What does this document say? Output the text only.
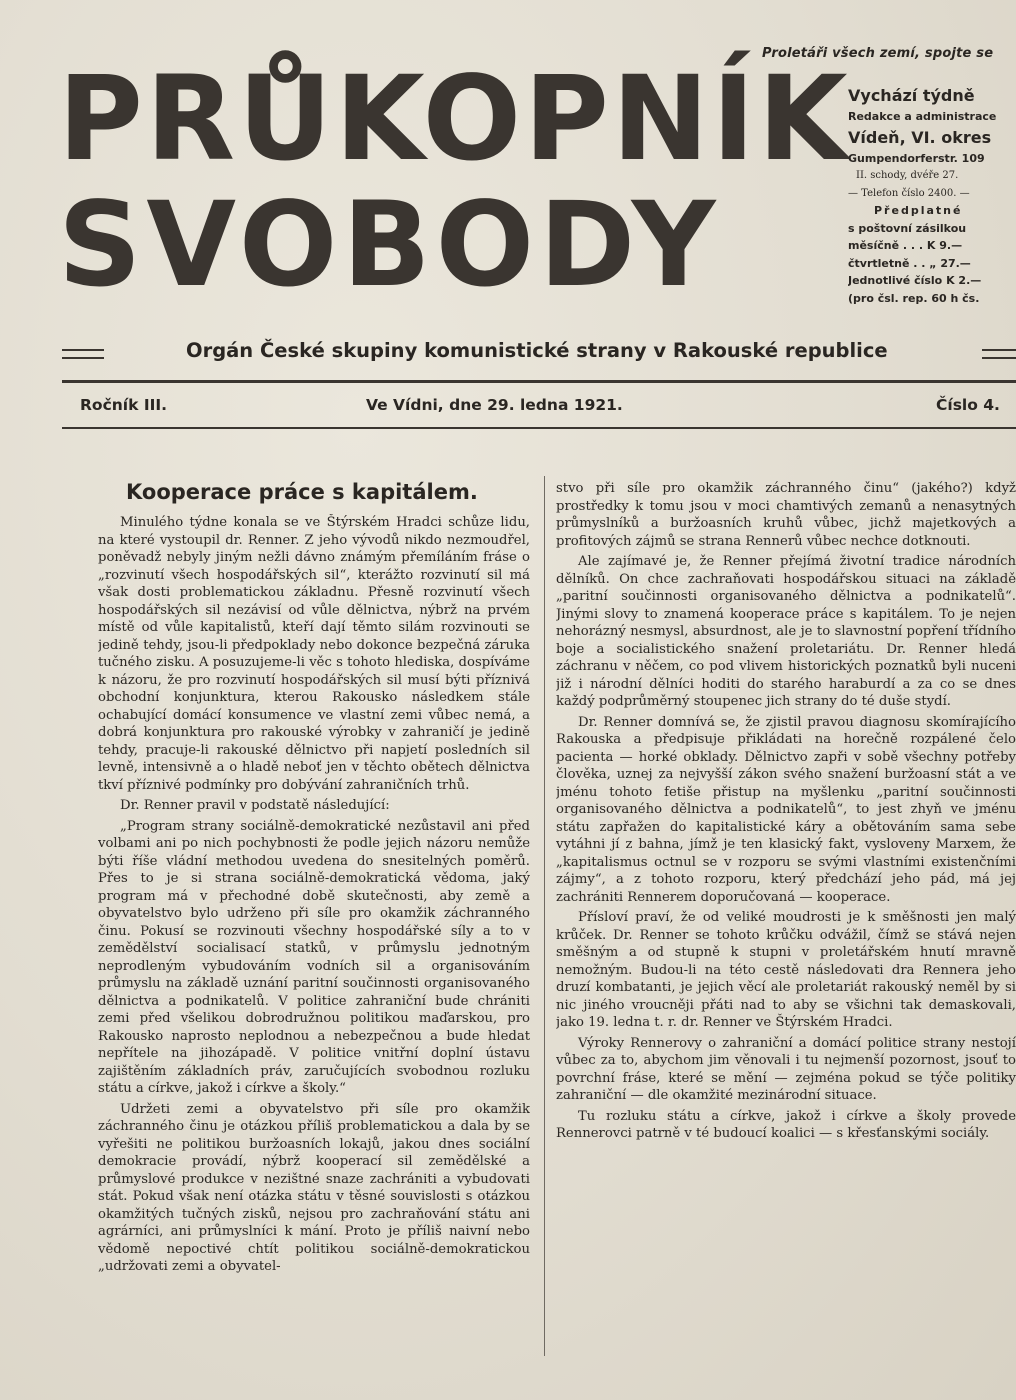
Proletáři všech zemí, spojte se
PRŮKOPNÍK
SVOBODY
Vychází týdně
Redakce a administrace
Vídeň, VI. okres
Gumpendorferstr. 109
II. schody, dvéře 27.
— Telefon číslo 2400. —
Předplatné
s poštovní zásilkou
měsíčně . . . K 9.—
čtvrtletně . . „ 27.—
Jednotlivé číslo K 2.—
(pro čsl. rep. 60 h čs.
Orgán České skupiny komunistické strany v Rakouské republice
Ročník III.	Ve Vídni, dne 29. ledna 1921.	Číslo 4.
Kooperace práce s kapitálem.

Minulého týdne konala se ve Štýrském Hradci schůze lidu, na které vystoupil dr. Renner. Z jeho vývodů nikdo nezmoudřel, poněvadž nebyly jiným nežli dávno známým přemíláním fráse o „rozvinutí všech hospodářských sil“, kterážto rozvinutí sil má však dosti problematickou základnu. Přesně rozvinutí všech hospodářských sil nezávisí od vůle dělnictva, nýbrž na prvém místě od vůle kapitalistů, kteří dají těmto silám rozvinouti se jedině tehdy, jsou-li předpoklady nebo dokonce bezpečná záruka tučného zisku. A posuzujeme-li věc s tohoto hlediska, dospíváme k názoru, že pro rozvinutí hospodářských sil musí býti příznivá obchodní konjunktura, kterou Rakousko následkem stále ochabující domácí konsumence ve vlastní zemi vůbec nemá, a dobrá konjunktura pro rakouské výrobky v zahraničí je jedině tehdy, pracuje-li rakouské dělnictvo při napjetí posledních sil levně, intensivně a o hladě neboť jen v těchto obětech dělnictva tkví příznivé podmínky pro dobývání zahraničních trhů.

Dr. Renner pravil v podstatě následující:

„Program strany sociálně-demokratické nezůstavil ani před volbami ani po nich pochybnosti že podle jejich názoru nemůže býti říše vládní methodou uvedena do snesitelných poměrů. Přes to je si strana sociálně-demokratická vědoma, jaký program má v přechodné době skutečnosti, aby země a obyvatelstvo bylo udrženo při síle pro okamžik záchranného činu. Pokusí se rozvinouti všechny hospodářské síly a to v zemědělství socialisací statků, v průmyslu jednotným neprodleným vybudováním vodních sil a organisováním průmyslu na základě uznání paritní součinnosti organisovaného dělnictva a podnikatelů. V politice zahraniční bude chrániti zemi před všelikou dobrodružnou politikou maďarskou, pro Rakousko naprosto neplodnou a nebezpečnou a bude hledat nepřítele na jihozápadě. V politice vnitřní doplní ústavu zajištěním základních práv, zaručujících svobodnou rozluku státu a církve, jakož i církve a školy.“

Udržeti zemi a obyvatelstvo při síle pro okamžik záchranného činu je otázkou příliš problematickou a dala by se vyřešiti ne politikou buržoasních lokajů, jakou dnes sociální demokracie provádí, nýbrž kooperací sil zemědělské a průmyslové produkce v nezištné snaze zachrániti a vybudovati stát. Pokud však není otázka státu v těsné souvislosti s otázkou okamžitých tučných zisků, nejsou pro zachraňování státu ani agrárníci, ani průmyslníci k mání. Proto je příliš naivní nebo vědomě nepoctivé chtít politikou sociálně-demokratickou „udržovati zemi a obyvatel-

stvo při síle pro okamžik záchranného činu“ (jakého?) když prostředky k tomu jsou v moci chamtivých zemanů a nenasytných průmyslníků a buržoasních kruhů vůbec, jichž majetkových a profitových zájmů se strana Rennerů vůbec nechce dotknouti.

Ale zajímavé je, že Renner přejímá životní tradice národních dělníků. On chce zachraňovati hospodářskou situaci na základě „paritní součinnosti organisovaného dělnictva a podnikatelů“. Jinými slovy to znamená kooperace práce s kapitálem. To je nejen nehorázný nesmysl, absurdnost, ale je to slavnostní popření třídního boje a socialistického snažení proletariátu. Dr. Renner hledá záchranu v něčem, co pod vlivem historických poznatků byli nuceni již i národní dělníci hoditi do starého haraburdí a za co se dnes každý podprůměrný stoupenec jich strany do té duše stydí.

Dr. Renner domnívá se, že zjistil pravou diagnosu skomírajícího Rakouska a předpisuje přikládati na horečně rozpálené čelo pacienta — horké obklady. Dělnictvo zapři v sobě všechny potřeby člověka, uznej za nejvyšší zákon svého snažení buržoasní stát a ve jménu tohoto fetiše přistup na myšlenku „paritní součinnosti organisovaného dělnictva a podnikatelů“, to jest zhyň ve jménu státu zapřažen do kapitalistické káry a obětováním sama sebe vytáhni jí z bahna, jímž je ten klasický fakt, vysloveny Marxem, že „kapitalismus octnul se v rozporu se svými vlastními existenčními zájmy“, a z tohoto rozporu, který předchází jeho pád, má jej zachrániti Rennerem doporučovaná — kooperace.

Přísloví praví, že od veliké moudrosti je k směšnosti jen malý krůček. Dr. Renner se tohoto krůčku odvážil, čímž se stává nejen směšným a od stupně k stupni v proletářském hnutí mravně nemožným. Budou-li na této cestě následovati dra Rennera jeho druzí kombatanti, je jejich věcí ale proletariát rakouský neměl by si nic jiného vroucněji přáti nad to aby se všichni tak demaskovali, jako 19. ledna t. r. dr. Renner ve Štýrském Hradci.

Výroky Rennerovy o zahraniční a domácí politice strany nestojí vůbec za to, abychom jim věnovali i tu nejmenší pozornost, jsouť to povrchní fráse, které se mění — zejména pokud se týče politiky zahraniční — dle okamžité mezinárodní situace.

Tu rozluku státu a církve, jakož i církve a školy provede Rennerovci patrně v té budoucí koalici — s křesťanskými sociály.
